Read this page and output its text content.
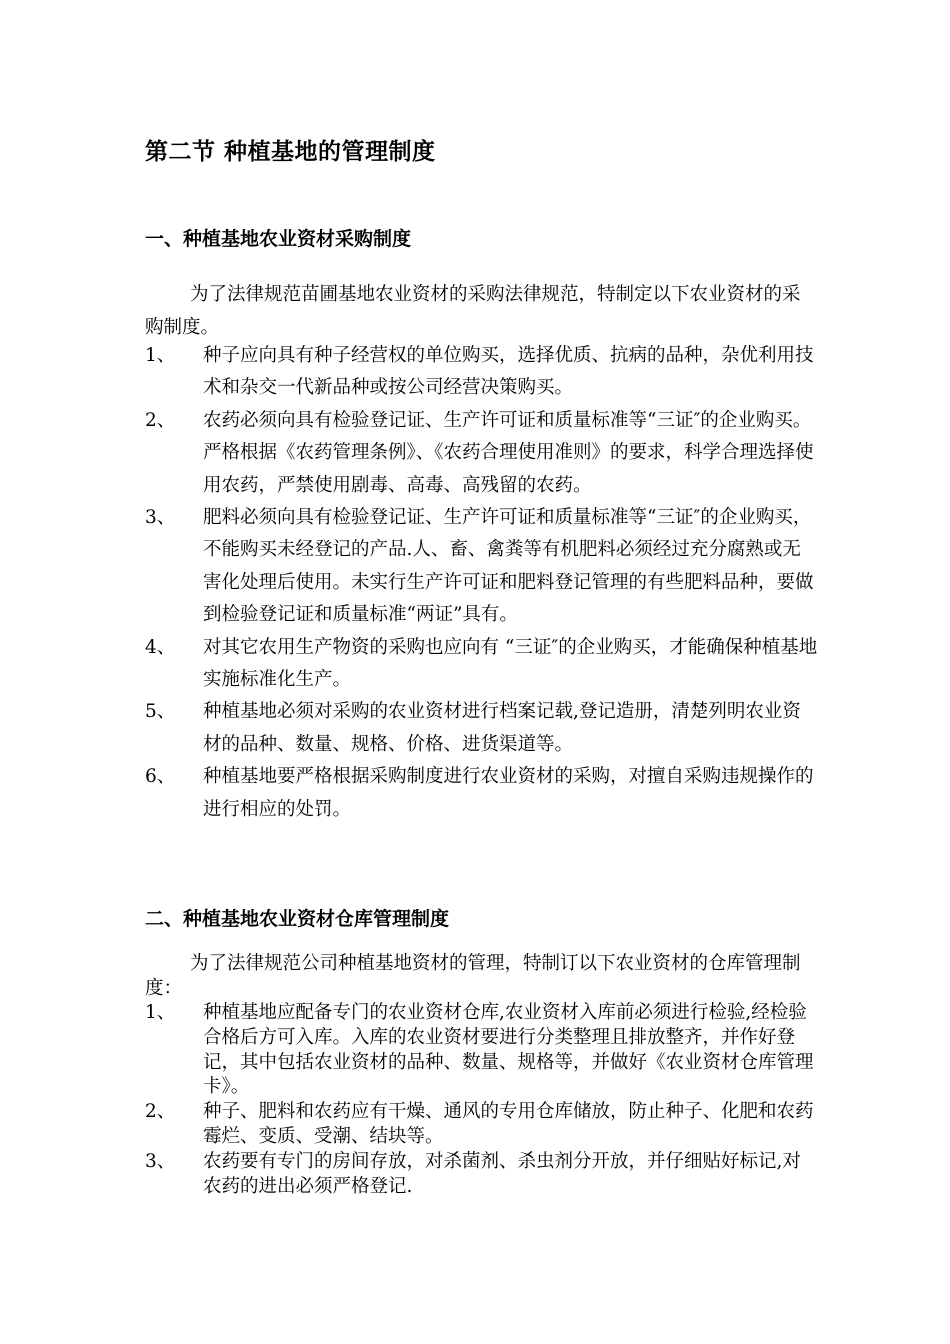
第二节 种植基地的管理制度
一、种植基地农业资材采购制度

为了法律规范苗圃基地农业资材的采购法律规范，特制定以下农业资材的采购制度。

1、 种子应向具有种子经营权的单位购买，选择优质、抗病的品种，杂优利用技术和杂交一代新品种或按公司经营决策购买。
2、 农药必须向具有检验登记证、生产许可证和质量标准等“三证″的企业购买。严格根据《农药管理条例》、《农药合理使用准则》的要求，科学合理选择使用农药，严禁使用剧毒、高毒、高残留的农药。
3、 肥料必须向具有检验登记证、生产许可证和质量标准等“三证″的企业购买，不能购买未经登记的产品.人、畜、禽粪等有机肥料必须经过充分腐熟或无害化处理后使用。未实行生产许可证和肥料登记管理的有些肥料品种，要做到检验登记证和质量标准“两证”具有。
4、 对其它农用生产物资的采购也应向有 “三证″的企业购买，才能确保种植基地实施标准化生产。
5、 种植基地必须对采购的农业资材进行档案记载,登记造册，清楚列明农业资材的品种、数量、规格、价格、进货渠道等。
6、 种植基地要严格根据采购制度进行农业资材的采购，对擅自采购违规操作的进行相应的处罚。
二、种植基地农业资材仓库管理制度

为了法律规范公司种植基地资材的管理，特制订以下农业资材的仓库管理制度：

1、 种植基地应配备专门的农业资材仓库,农业资材入库前必须进行检验,经检验合格后方可入库。入库的农业资材要进行分类整理且排放整齐，并作好登记，其中包括农业资材的品种、数量、规格等，并做好《农业资材仓库管理卡》。
2、 种子、肥料和农药应有干燥、通风的专用仓库储放，防止种子、化肥和农药霉烂、变质、受潮、结块等。
3、 农药要有专门的房间存放，对杀菌剂、杀虫剂分开放，并仔细贴好标记,对农药的进出必须严格登记.
